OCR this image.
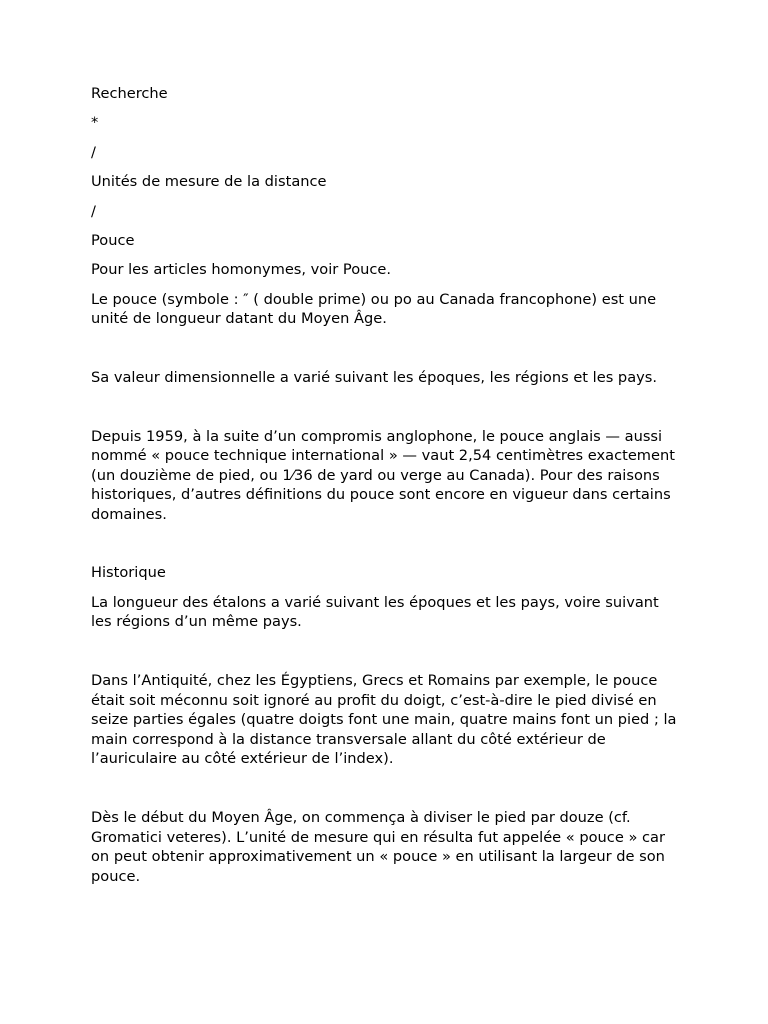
Recherche

*

/

Unités de mesure de la distance

/

Pouce

Pour les articles homonymes, voir Pouce.

Le pouce (symbole : ″ ( double prime) ou po au Canada francophone) est une unité de longueur datant du Moyen Âge.

Sa valeur dimensionnelle a varié suivant les époques, les régions et les pays.

Depuis 1959, à la suite d’un compromis anglophone, le pouce anglais — aussi nommé « pouce technique international » — vaut 2,54 centimètres exactement (un douzième de pied, ou 1⁄36 de yard ou verge au Canada). Pour des raisons historiques, d’autres définitions du pouce sont encore en vigueur dans certains domaines.

Historique

La longueur des étalons a varié suivant les époques et les pays, voire suivant les régions d’un même pays.

Dans l’Antiquité, chez les Égyptiens, Grecs et Romains par exemple, le pouce était soit méconnu soit ignoré au profit du doigt, c’est-à-dire le pied divisé en seize parties égales (quatre doigts font une main, quatre mains font un pied ; la main correspond à la distance transversale allant du côté extérieur de l’auriculaire au côté extérieur de l’index).

Dès le début du Moyen Âge, on commença à diviser le pied par douze (cf. Gromatici veteres). L’unité de mesure qui en résulta fut appelée « pouce » car on peut obtenir approximativement un « pouce » en utilisant la largeur de son pouce.
